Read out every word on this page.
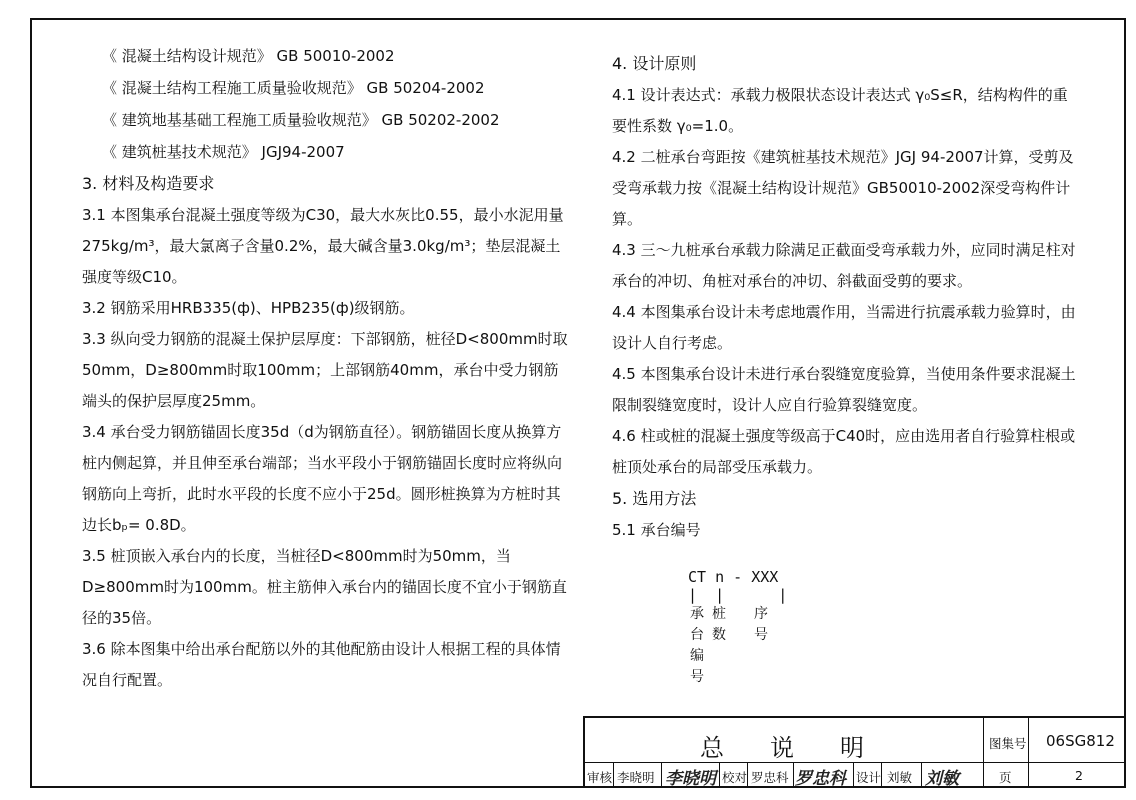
《 混凝土结构设计规范》 GB 50010-2002

《 混凝土结构工程施工质量验收规范》 GB 50204-2002

《 建筑地基基础工程施工质量验收规范》 GB 50202-2002

《 建筑桩基技术规范》 JGJ94-2007

3. 材料及构造要求

3.1 本图集承台混凝土强度等级为C30，最大水灰比0.55，最小水泥用量275kg/m³，最大氯离子含量0.2%，最大碱含量3.0kg/m³；垫层混凝土强度等级C10。

3.2 钢筋采用HRB335(ф)、HPB235(ф)级钢筋。

3.3 纵向受力钢筋的混凝土保护层厚度：下部钢筋，桩径D<800mm时取50mm，D≥800mm时取100mm；上部钢筋40mm，承台中受力钢筋端头的保护层厚度25mm。

3.4 承台受力钢筋锚固长度35d（d为钢筋直径）。钢筋锚固长度从换算方桩内侧起算，并且伸至承台端部；当水平段小于钢筋锚固长度时应将纵向钢筋向上弯折，此时水平段的长度不应小于25d。圆形桩换算为方桩时其边长bₚ= 0.8D。

3.5 桩顶嵌入承台内的长度，当桩径D<800mm时为50mm，当D≥800mm时为100mm。桩主筋伸入承台内的锚固长度不宜小于钢筋直径的35倍。

3.6 除本图集中给出承台配筋以外的其他配筋由设计人根据工程的具体情况自行配置。

4. 设计原则

4.1 设计表达式：承载力极限状态设计表达式 γ₀S≤R，结构构件的重要性系数 γ₀=1.0。

4.2 二桩承台弯距按《建筑桩基技术规范》JGJ 94-2007计算，受剪及受弯承载力按《混凝土结构设计规范》GB50010-2002深受弯构件计算。

4.3 三～九桩承台承载力除满足正截面受弯承载力外，应同时满足柱对承台的冲切、角桩对承台的冲切、斜截面受剪的要求。

4.4 本图集承台设计未考虑地震作用，当需进行抗震承载力验算时，由设计人自行考虑。

4.5 本图集承台设计未进行承台裂缝宽度验算，当使用条件要求混凝土限制裂缝宽度时，设计人应自行验算裂缝宽度。

4.6 柱或桩的混凝土强度等级高于C40时，应由选用者自行验算柱根或桩顶处承台的局部受压承载力。

5. 选用方法

5.1 承台编号

CT n - XXX
|  |      |
承台编号
桩数
序号
总说明	图集号 06SG812
审核 李晓明 李晓明 校对 罗忠科 罗忠科 设计 刘敏 刘敏	页	2
